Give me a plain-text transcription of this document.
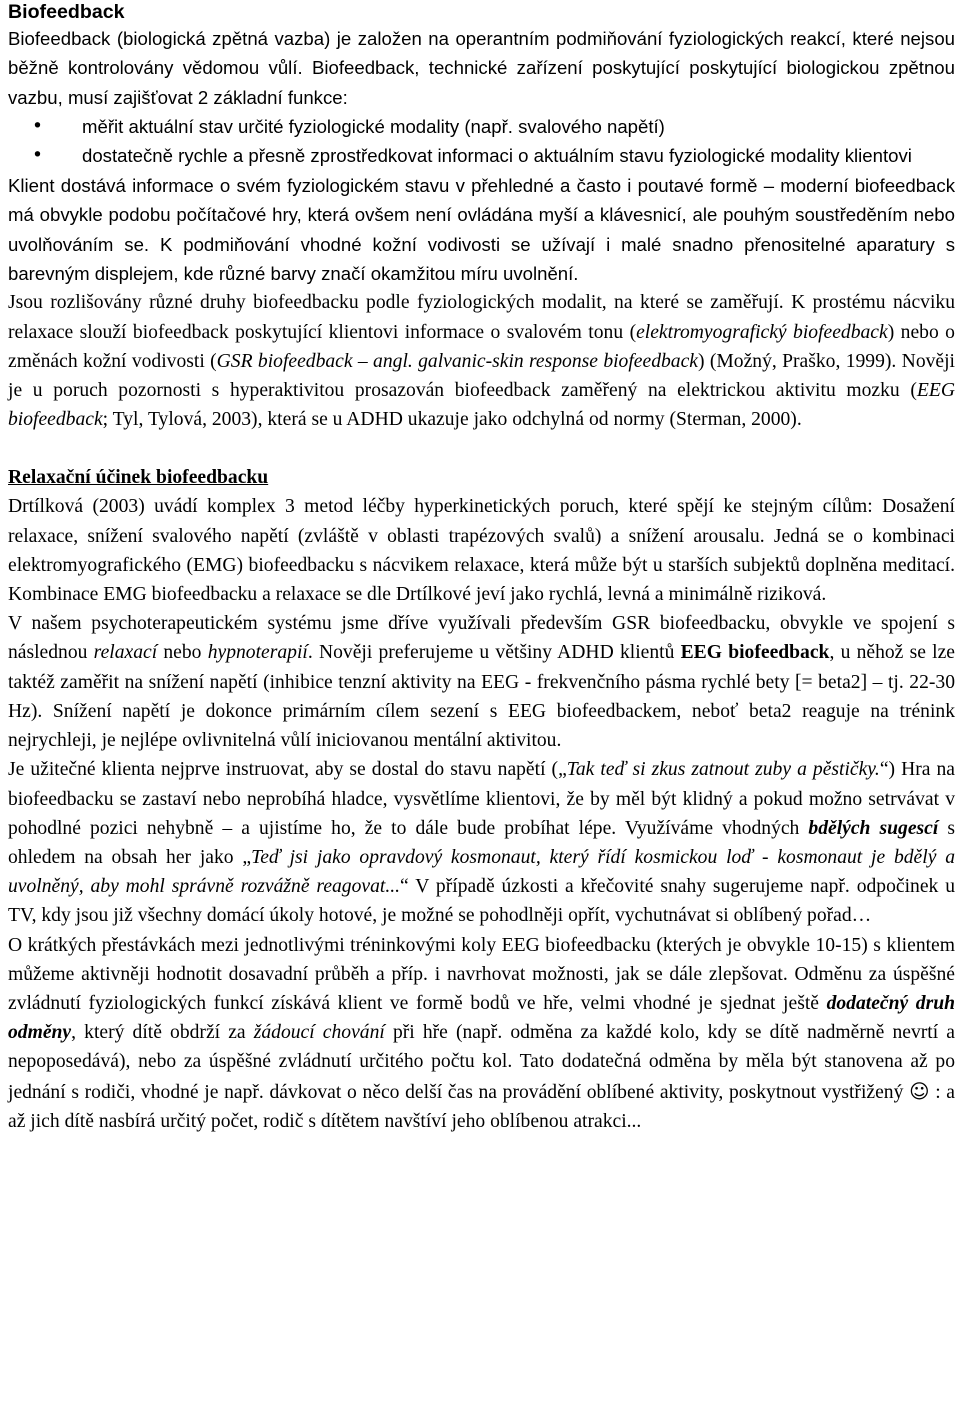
Biofeedback

Biofeedback (biologická zpětná vazba) je založen na operantním podmiňování fyziologických reakcí, které nejsou běžně kontrolovány vědomou vůlí. Biofeedback, technické zařízení poskytující poskytující biologickou zpětnou vazbu, musí zajišťovat 2 základní funkce:

• měřit aktuální stav určité fyziologické modality (např. svalového napětí)
• dostatečně rychle a přesně zprostředkovat informaci o aktuálním stavu fyziologické modality klientovi

Klient dostává informace o svém fyziologickém stavu v přehledné a často i poutavé formě – moderní biofeedback má obvykle podobu počítačové hry, která ovšem není ovládána myší a klávesnicí, ale pouhým soustředěním nebo uvolňováním se. K podmiňování vhodné kožní vodivosti se užívají i malé snadno přenositelné aparatury s barevným displejem, kde různé barvy značí okamžitou míru uvolnění.

Jsou rozlišovány různé druhy biofeedbacku podle fyziologických modalit, na které se zaměřují. K prostému nácviku relaxace slouží biofeedback poskytující klientovi informace o svalovém tonu (elektromyografický biofeedback) nebo o změnách kožní vodivosti (GSR biofeedback – angl. galvanic-skin response biofeedback) (Možný, Praško, 1999). Nověji je u poruch pozornosti s hyperaktivitou prosazován biofeedback zaměřený na elektrickou aktivitu mozku (EEG biofeedback; Tyl, Tylová, 2003), která se u ADHD ukazuje jako odchylná od normy (Sterman, 2000).

Relaxační účinek biofeedbacku

Drtílková (2003) uvádí komplex 3 metod léčby hyperkinetických poruch, které spějí ke stejným cílům: Dosažení relaxace, snížení svalového napětí (zvláště v oblasti trapézových svalů) a snížení arousalu. Jedná se o kombinaci elektromyografického (EMG) biofeedbacku s nácvikem relaxace, která může být u starších subjektů doplněna meditací. Kombinace EMG biofeedbacku a relaxace se dle Drtílkové jeví jako rychlá, levná a minimálně riziková.

V našem psychoterapeutickém systému jsme dříve využívali především GSR biofeedbacku, obvykle ve spojení s následnou relaxací nebo hypnoterapií. Nověji preferujeme u většiny ADHD klientů EEG biofeedback, u něhož se lze taktéž zaměřit na snížení napětí (inhibice tenzní aktivity na EEG - frekvenčního pásma rychlé bety [= beta2] – tj. 22-30 Hz). Snížení napětí je dokonce primárním cílem sezení s EEG biofeedbackem, neboť beta2 reaguje na trénink nejrychleji, je nejlépe ovlivnitelná vůlí iniciovanou mentální aktivitou.

Je užitečné klienta nejprve instruovat, aby se dostal do stavu napětí („Tak teď si zkus zatnout zuby a pěstičky.“) Hra na biofeedbacku se zastaví nebo neprobíhá hladce, vysvětlíme klientovi, že by měl být klidný a pokud možno setrvávat v pohodlné pozici nehybně – a ujistíme ho, že to dále bude probíhat lépe. Využíváme vhodných bdělých sugescí s ohledem na obsah her jako „Teď jsi jako opravdový kosmonaut, který řídí kosmickou loď - kosmonaut je bdělý a uvolněný, aby mohl správně rozvážně reagovat...“ V případě úzkosti a křečovité snahy sugerujeme např. odpočinek u TV, kdy jsou již všechny domácí úkoly hotové, je možné se pohodlněji opřít, vychutnávat si oblíbený pořad…

O krátkých přestávkách mezi jednotlivými tréninkovými koly EEG biofeedbacku (kterých je obvykle 10-15) s klientem můžeme aktivněji hodnotit dosavadní průběh a příp. i navrhovat možnosti, jak se dále zlepšovat. Odměnu za úspěšné zvládnutí fyziologických funkcí získává klient ve formě bodů ve hře, velmi vhodné je sjednat ještě dodatečný druh odměny, který dítě obdrží za žádoucí chování při hře (např. odměna za každé kolo, kdy se dítě nadměrně nevrtí a nepoposedává), nebo za úspěšné zvládnutí určitého počtu kol. Tato dodatečná odměna by měla být stanovena až po jednání s rodiči, vhodné je např. dávkovat o něco delší čas na provádění oblíbené aktivity, poskytnout vystřižený ☺ : a až jich dítě nasbírá určitý počet, rodič s dítětem navštíví jeho oblíbenou atrakci...
